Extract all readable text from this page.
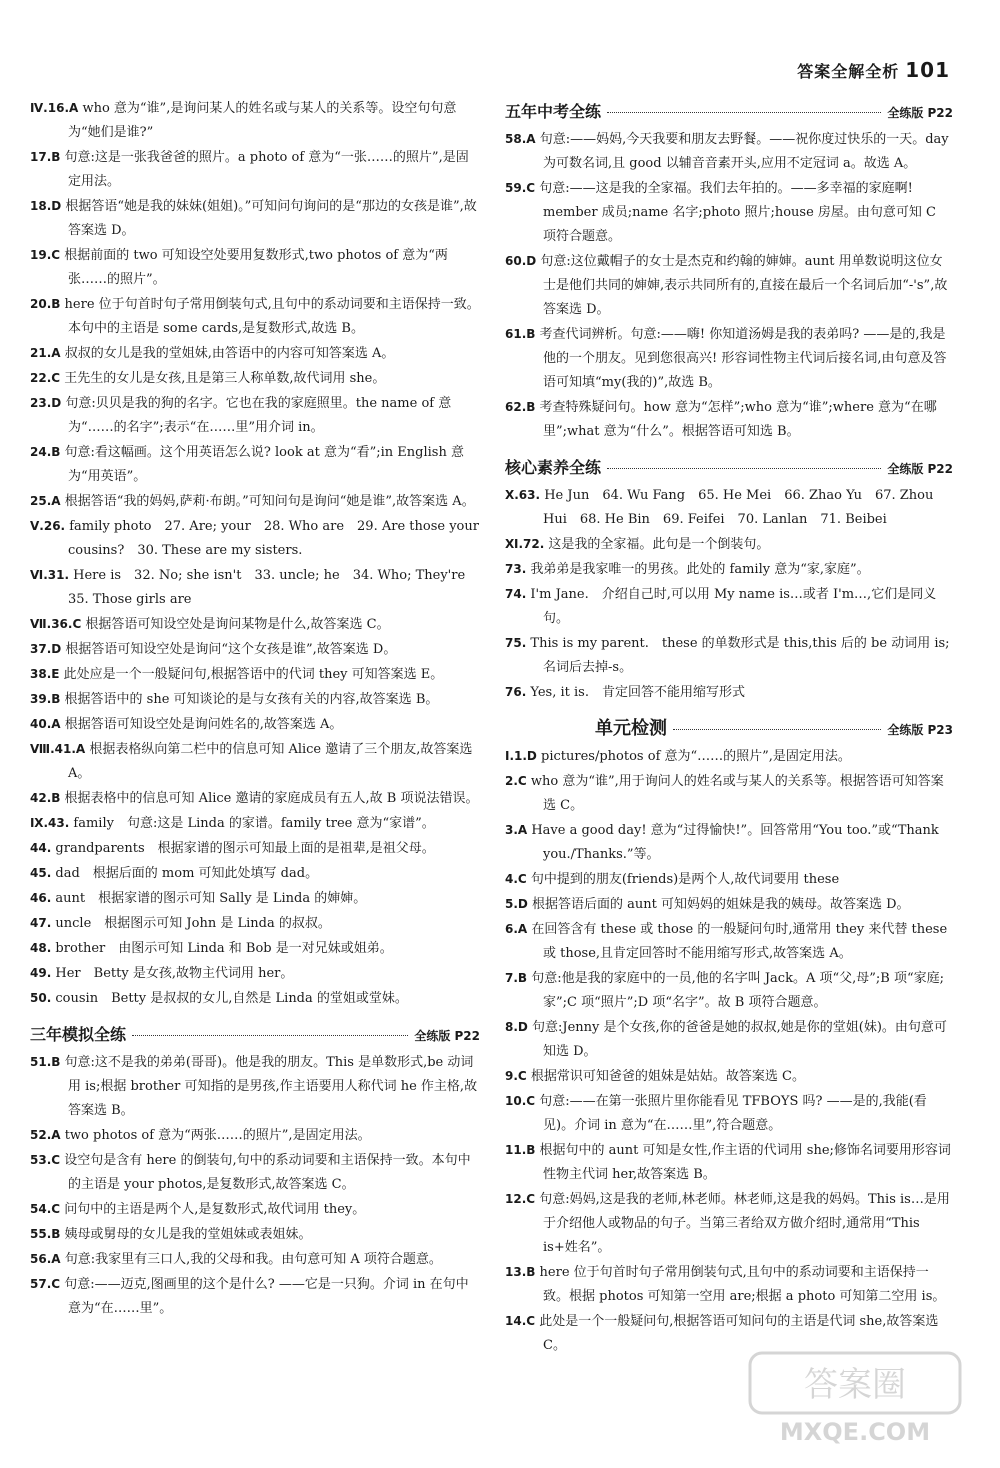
答案全解全析 101

Ⅳ.16.A who 意为“谁”,是询问某人的姓名或与某人的关系等。设空句句意为“她们是谁?”

17.B 句意:这是一张我爸爸的照片。a photo of 意为“一张……的照片”,是固定用法。

18.D 根据答语“她是我的妹妹(姐姐)。”可知问句询问的是“那边的女孩是谁”,故答案选 D。

19.C 根据前面的 two 可知设空处要用复数形式,two photos of 意为“两张……的照片”。

20.B here 位于句首时句子常用倒装句式,且句中的系动词要和主语保持一致。本句中的主语是 some cards,是复数形式,故选 B。

21.A 叔叔的女儿是我的堂姐妹,由答语中的内容可知答案选 A。

22.C 王先生的女儿是女孩,且是第三人称单数,故代词用 she。

23.D 句意:贝贝是我的狗的名字。它也在我的家庭照里。the name of 意为“……的名字”;表示“在……里”用介词 in。

24.B 句意:看这幅画。这个用英语怎么说? look at 意为“看”;in English 意为“用英语”。

25.A 根据答语“我的妈妈,萨莉·布朗。”可知问句是询问“她是谁”,故答案选 A。

Ⅴ.26. family photo　27. Are; your　28. Who are　29. Are those your cousins?　30. These are my sisters.

Ⅵ.31. Here is　32. No; she isn't　33. uncle; he　34. Who; They're　35. Those girls are

Ⅶ.36.C 根据答语可知设空处是询问某物是什么,故答案选 C。

37.D 根据答语可知设空处是询问“这个女孩是谁”,故答案选 D。

38.E 此处应是一个一般疑问句,根据答语中的代词 they 可知答案选 E。

39.B 根据答语中的 she 可知谈论的是与女孩有关的内容,故答案选 B。

40.A 根据答语可知设空处是询问姓名的,故答案选 A。

Ⅷ.41.A 根据表格纵向第二栏中的信息可知 Alice 邀请了三个朋友,故答案选 A。

42.B 根据表格中的信息可知 Alice 邀请的家庭成员有五人,故 B 项说法错误。

Ⅸ.43. family　句意:这是 Linda 的家谱。family tree 意为“家谱”。

44. grandparents　根据家谱的图示可知最上面的是祖辈,是祖父母。

45. dad　根据后面的 mom 可知此处填写 dad。

46. aunt　根据家谱的图示可知 Sally 是 Linda 的婶婶。

47. uncle　根据图示可知 John 是 Linda 的叔叔。

48. brother　由图示可知 Linda 和 Bob 是一对兄妹或姐弟。

49. Her　Betty 是女孩,故物主代词用 her。

50. cousin　Betty 是叔叔的女儿,自然是 Linda 的堂姐或堂妹。

三年模拟全练	全练版 P22

51.B 句意:这不是我的弟弟(哥哥)。他是我的朋友。This 是单数形式,be 动词用 is;根据 brother 可知指的是男孩,作主语要用人称代词 he 作主格,故答案选 B。

52.A two photos of 意为“两张……的照片”,是固定用法。

53.C 设空句是含有 here 的倒装句,句中的系动词要和主语保持一致。本句中的主语是 your photos,是复数形式,故答案选 C。

54.C 问句中的主语是两个人,是复数形式,故代词用 they。

55.B 姨母或舅母的女儿是我的堂姐妹或表姐妹。

56.A 句意:我家里有三口人,我的父母和我。由句意可知 A 项符合题意。

57.C 句意:——迈克,图画里的这个是什么? ——它是一只狗。介词 in 在句中意为“在……里”。

五年中考全练	全练版 P22

58.A 句意:——妈妈,今天我要和朋友去野餐。——祝你度过快乐的一天。day 为可数名词,且 good 以辅音音素开头,应用不定冠词 a。故选 A。

59.C 句意:——这是我的全家福。我们去年拍的。——多幸福的家庭啊! member 成员;name 名字;photo 照片;house 房屋。由句意可知 C 项符合题意。

60.D 句意:这位戴帽子的女士是杰克和约翰的婶婶。aunt 用单数说明这位女士是他们共同的婶婶,表示共同所有的,直接在最后一个名词后加“-'s”,故答案选 D。

61.B 考查代词辨析。句意:——嗨! 你知道汤姆是我的表弟吗? ——是的,我是他的一个朋友。见到您很高兴! 形容词性物主代词后接名词,由句意及答语可知填“my(我的)”,故选 B。

62.B 考查特殊疑问句。how 意为“怎样”;who 意为“谁”;where 意为“在哪里”;what 意为“什么”。根据答语可知选 B。

核心素养全练	全练版 P22

Ⅹ.63. He Jun　64. Wu Fang　65. He Mei　66. Zhao Yu　67. Zhou Hui　68. He Bin　69. Feifei　70. Lanlan　71. Beibei

Ⅺ.72. 这是我的全家福。此句是一个倒装句。

73. 我弟弟是我家唯一的男孩。此处的 family 意为“家,家庭”。

74. I'm Jane.　介绍自己时,可以用 My name is…或者 I'm…,它们是同义句。

75. This is my parent.　these 的单数形式是 this,this 后的 be 动词用 is;名词后去掉-s。

76. Yes, it is.　肯定回答不能用缩写形式

单元检测	全练版 P23

Ⅰ.1.D pictures/photos of 意为“……的照片”,是固定用法。

2.C who 意为“谁”,用于询问人的姓名或与某人的关系等。根据答语可知答案选 C。

3.A Have a good day! 意为“过得愉快!”。回答常用“You too.”或“Thank you./Thanks.”等。

4.C 句中提到的朋友(friends)是两个人,故代词要用 these

5.D 根据答语后面的 aunt 可知妈妈的姐妹是我的姨母。故答案选 D。

6.A 在回答含有 these 或 those 的一般疑问句时,通常用 they 来代替 these 或 those,且肯定回答时不能用缩写形式,故答案选 A。

7.B 句意:他是我的家庭中的一员,他的名字叫 Jack。A 项“父,母”;B 项“家庭;家”;C 项“照片”;D 项“名字”。故 B 项符合题意。

8.D 句意:Jenny 是个女孩,你的爸爸是她的叔叔,她是你的堂姐(妹)。由句意可知选 D。

9.C 根据常识可知爸爸的姐妹是姑姑。故答案选 C。

10.C 句意:——在第一张照片里你能看见 TFBOYS 吗? ——是的,我能(看见)。介词 in 意为“在……里”,符合题意。

11.B 根据句中的 aunt 可知是女性,作主语的代词用 she;修饰名词要用形容词性物主代词 her,故答案选 B。

12.C 句意:妈妈,这是我的老师,林老师。林老师,这是我的妈妈。This is…是用于介绍他人或物品的句子。当第三者给双方做介绍时,通常用“This is+姓名”。

13.B here 位于句首时句子常用倒装句式,且句中的系动词要和主语保持一致。根据 photos 可知第一空用 are;根据 a photo 可知第二空用 is。

14.C 此处是一个一般疑问句,根据答语可知问句的主语是代词 she,故答案选 C。

答案圈
MXQE.COM
